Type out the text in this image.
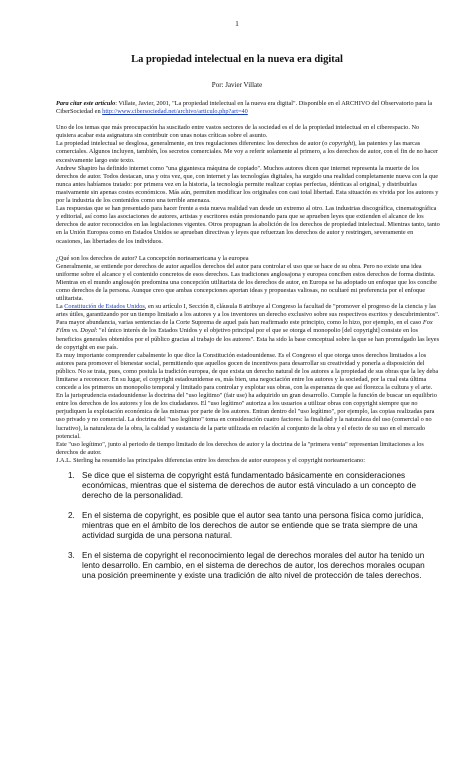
1
La propiedad intelectual en la nueva era digital
Por: Javier Villate

Para citar este artículo: Villate, Javier, 2001, "La propiedad intelectual en la nueva era digital". Disponible en el ARCHIVO del Observatorio para la CiberSociedad en http://www.cibersociedad.net/archivo/articulo.php?art=40

Uno de los temas que más preocupación ha suscitado entre vastos sectores de la sociedad es el de la propiedad intelectual en el ciberespacio. No quisiera acabar esta asignatura sin contribuir con unas notas críticas sobre el asunto.

La propiedad intelectual se desglosa, generalmente, en tres regulaciones diferentes: los derechos de autor (o copyright), las patentes y las marcas comerciales. Algunos incluyen, también, los secretos comerciales. Me voy a referir solamente al primero, a los derechos de autor, con el fin de no hacer excesivamente largo este texto.

Andrew Shapiro ha definido internet como "una gigantesca máquina de copiado". Muchos autores dicen que internet representa la muerte de los derechos de autor. Todos destacan, una y otra vez, que, con internet y las tecnologías digitales, ha surgido una realidad completamente nueva con la que nunca antes habíamos tratado: por primera vez en la historia, la tecnología permite realizar copias perfectas, idénticas al original, y distribuirlas masivamente sin apenas costes económicos. Más aún, permiten modificar los originales con casi total libertad. Esta situación es vivida por los autores y por la industria de los contenidos como una terrible amenaza.

Las respuestas que se han presentado para hacer frente a esta nueva realidad van desde un extremo al otro. Las industrias discográfica, cinematográfica y editorial, así como las asociaciones de autores, artistas y escritores están presionando para que se aprueben leyes que extienden el alcance de los derechos de autor reconocidos en las legislaciones vigentes. Otros propugnan la abolición de los derechos de propiedad intelectual. Mientras tanto, tanto en la Unión Europea como en Estados Unidos se aprueban directivas y leyes que refuerzan los derechos de autor y restringen, severamente en ocasiones, las libertades de los individuos.

¿Qué son los derechos de autor? La concepción norteamericana y la europea

Generalmente, se entiende por derechos de autor aquellos derechos del autor para controlar el uso que se hace de su obra. Pero no existe una idea uniforme sobre el alcance y el contenido concretos de esos derechos. Las tradiciones anglosajona y europea conciben estos derechos de forma distinta. Mientras en el mundo anglosajón predomina una concepción utilitarista de los derechos de autor, en Europa se ha adoptado un enfoque que los concibe como derechos de la persona. Aunque creo que ambas concepciones aportan ideas y propuestas valiosas, no ocultaré mi preferencia por el enfoque utilitarista.

La Constitución de Estados Unidos, en su artículo I, Sección 8, cláusula 8 atribuye al Congreso la facultad de "promover el progreso de la ciencia y las artes útiles, garantizando por un tiempo limitado a los autores y a los inventores un derecho exclusivo sobre sus respectivos escritos y descubrimientos". Para mayor abundancia, varias sentencias de la Corte Suprema de aquel país han reafirmado este principio, como lo hizo, por ejemplo, en el caso Fox Films vs. Doyal: "el único interés de los Estados Unidos y el objetivo principal por el que se otorga el monopolio [del copyright] consiste en los beneficios generales obtenidos por el público gracias al trabajo de los autores". Esta ha sido la base conceptual sobre la que se han promulgado las leyes de copyright en ese país.

Es muy importante comprender cabalmente lo que dice la Constitución estadounidense. Es el Congreso el que otorga unos derechos limitados a los autores para promover el bienestar social, permitiendo que aquellos gocen de incentivos para desarrollar su creatividad y ponerla a disposición del público. No se trata, pues, como postula la tradición europea, de que exista un derecho natural de los autores a la propiedad de sus obras que la ley deba limitarse a reconocer. En su lugar, el copyright estadounidense es, más bien, una negociación entre los autores y la sociedad, por la cual esta última concede a los primeros un monopolio temporal y limitado para controlar y explotar sus obras, con la esperanza de que así florezca la cultura y el arte.

En la jurisprudencia estadounidense la doctrina del "uso legítimo" (fair use) ha adquirido un gran desarrollo. Cumple la función de buscar un equilibrio entre los derechos de los autores y los de los ciudadanos. El "uso legítimo" autoriza a los usuarios a utilizar obras con copyright siempre que no perjudiquen la explotación económica de las mismas por parte de los autores. Entran dentro del "uso legítimo", por ejemplo, las copias realizadas para uso privado y no comercial. La doctrina del "uso legítimo" toma en consideración cuatro factores: la finalidad y la naturaleza del uso (comercial o no lucrativo), la naturaleza de la obra, la calidad y sustancia de la parte utilizada en relación al conjunto de la obra y el efecto de su uso en el mercado potencial.

Este "uso legítimo", junto al periodo de tiempo limitado de los derechos de autor y la doctrina de la "primera venta" representan limitaciones a los derechos de autor.

J.A.L. Sterling ha resumido las principales diferencias entre los derechos de autor europeos y el copyright norteamericano:

1. Se dice que el sistema de copyright está fundamentado básicamente en consideraciones económicas, mientras que el sistema de derechos de autor está vinculado a un concepto de derecho de la personalidad.
2. En el sistema de copyright, es posible que el autor sea tanto una persona física como jurídica, mientras que en el ámbito de los derechos de autor se entiende que se trata siempre de una actividad surgida de una persona natural.
3. En el sistema de copyright el reconocimiento legal de derechos morales del autor ha tenido un lento desarrollo. En cambio, en el sistema de derechos de autor, los derechos morales ocupan una posición preeminente y existe una tradición de alto nivel de protección de tales derechos.
